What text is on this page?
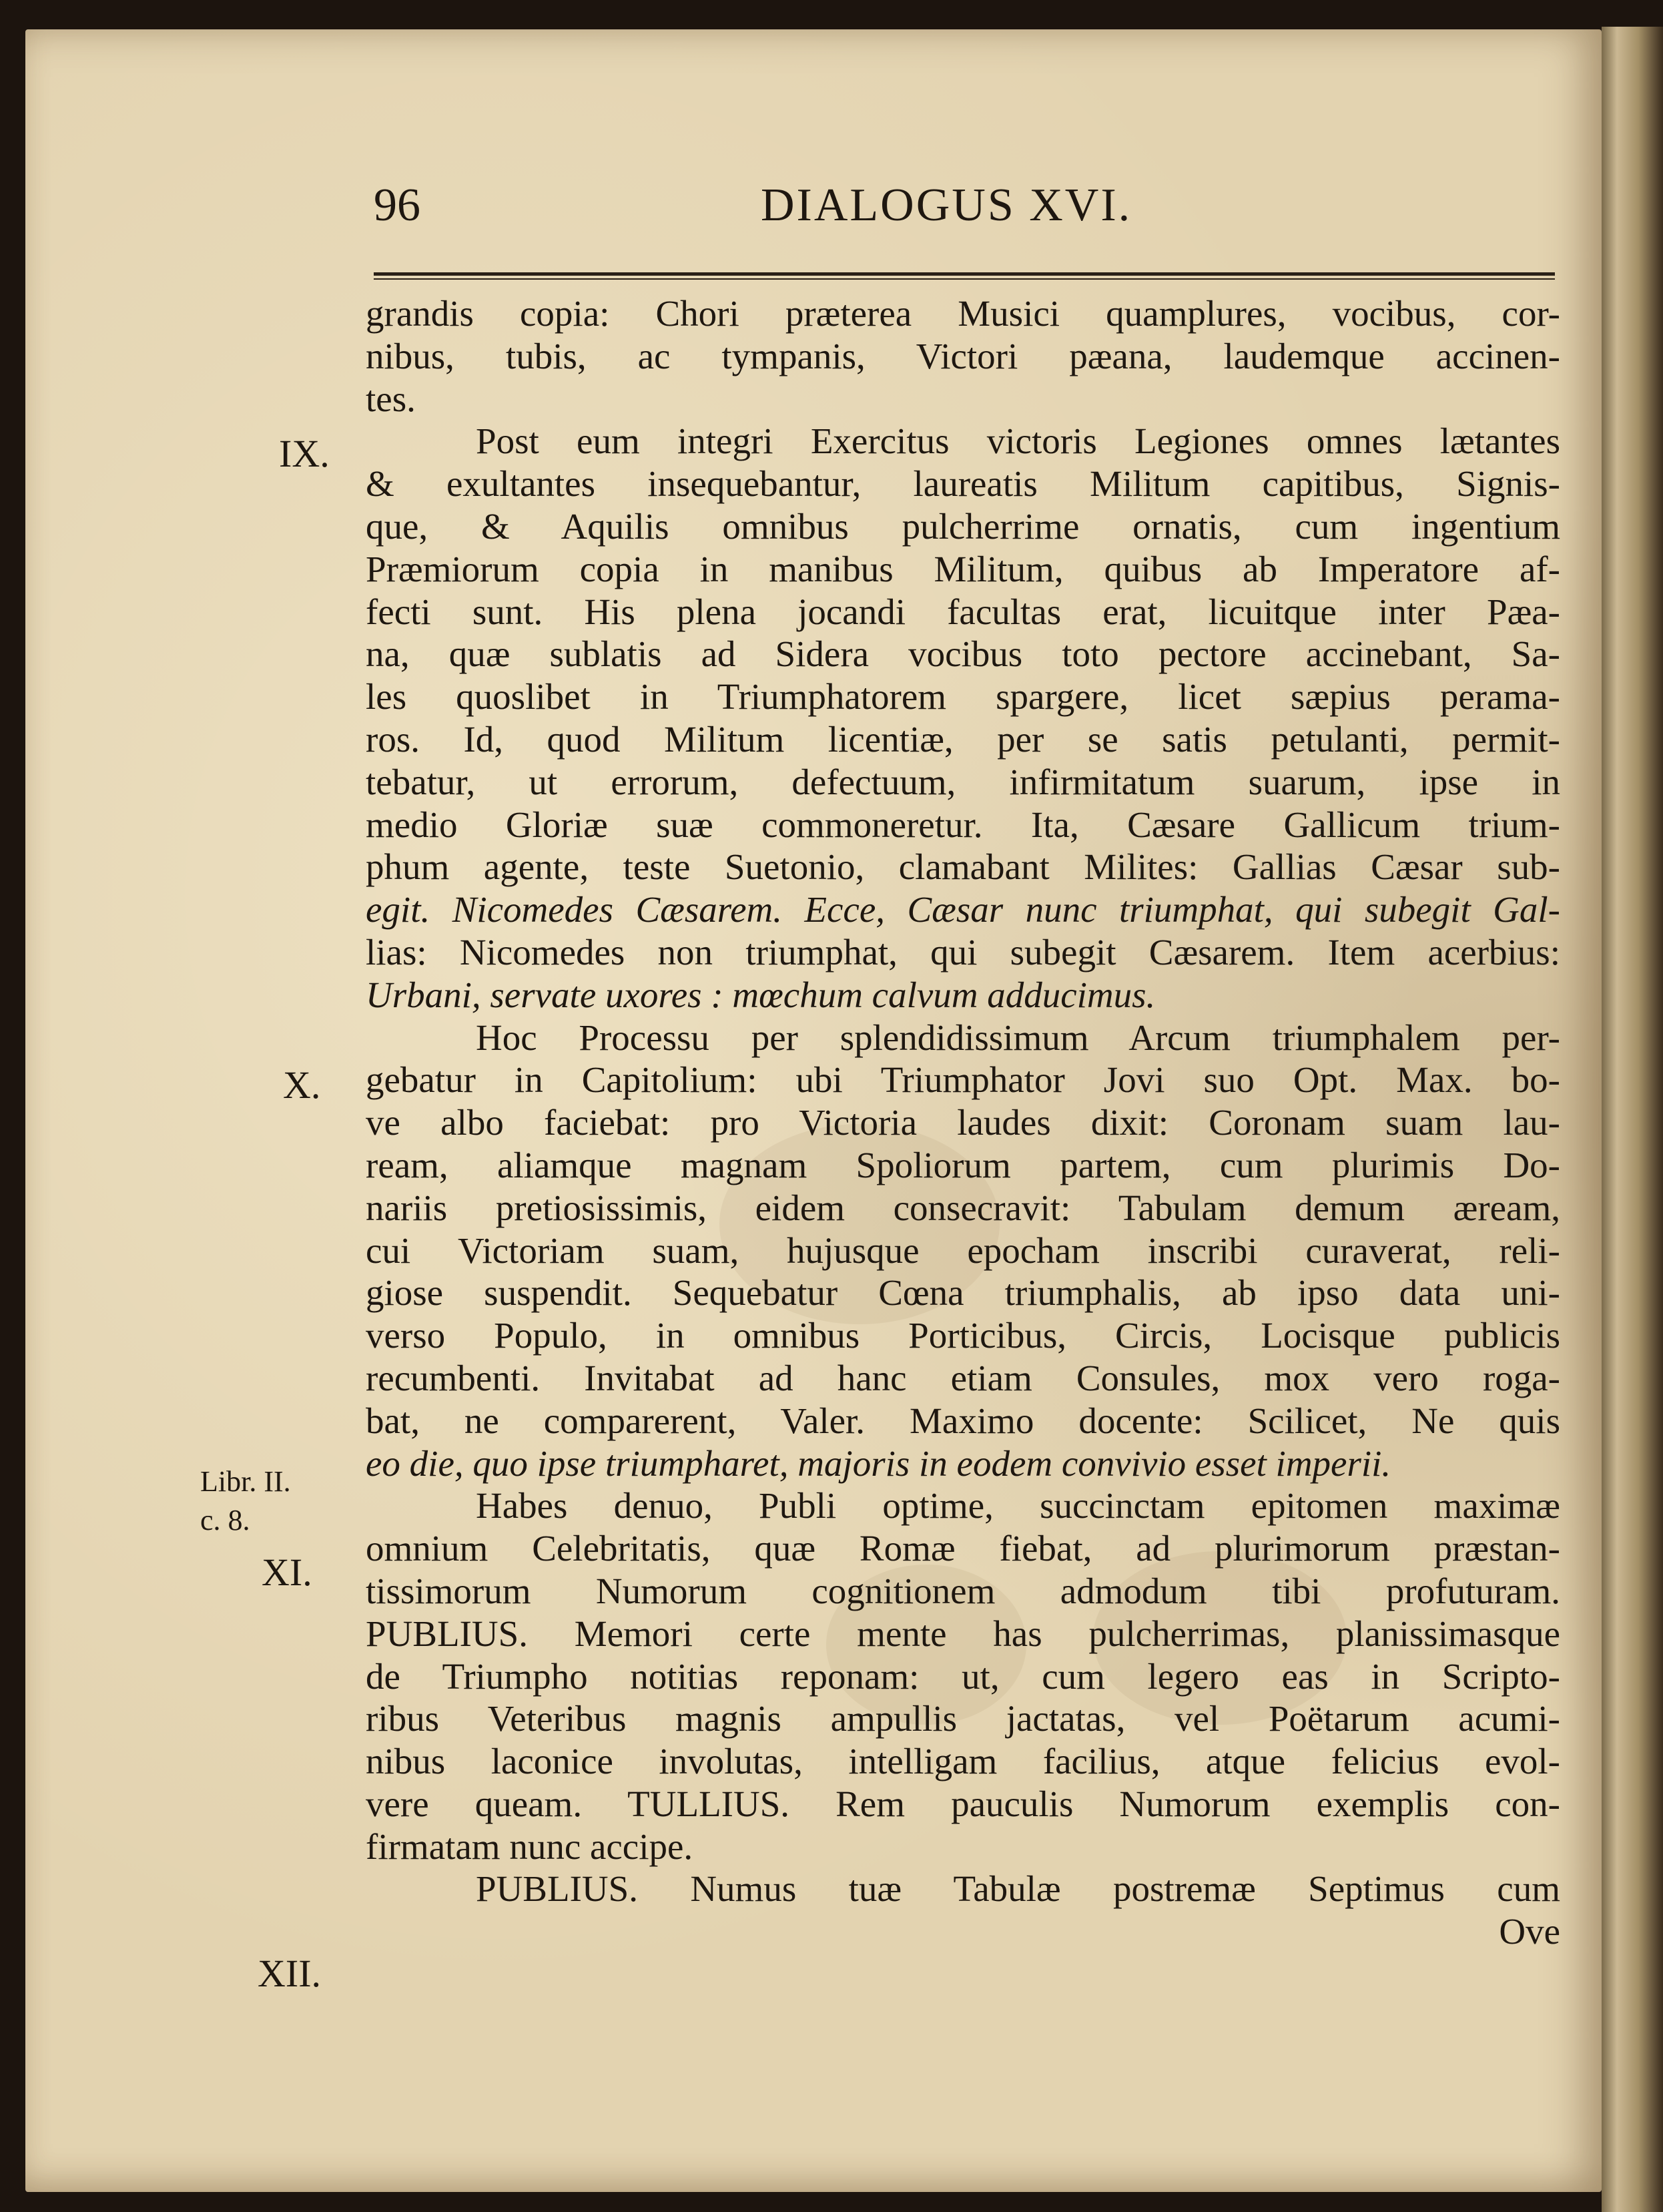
96	DIALOGUS XVI.
IX.
X.
Libr. II.
c. 8.
XI.
XII.
grandis copia: Chori præterea Musici quamplures, vocibus, cor-
nibus, tubis, ac tympanis, Victori pæana, laudemque accinen-
tes.
Post eum integri Exercitus victoris Legiones omnes lætantes
& exultantes insequebantur, laureatis Militum capitibus, Signis-
que, & Aquilis omnibus pulcherrime ornatis, cum ingentium
Præmiorum copia in manibus Militum, quibus ab Imperatore af-
fecti sunt. His plena jocandi facultas erat, licuitque inter Pæa-
na, quæ sublatis ad Sidera vocibus toto pectore accinebant, Sa-
les quoslibet in Triumphatorem spargere, licet sæpius perama-
ros. Id, quod Militum licentiæ, per se satis petulanti, permit-
tebatur, ut errorum, defectuum, infirmitatum suarum, ipse in
medio Gloriæ suæ commoneretur. Ita, Cæsare Gallicum trium-
phum agente, teste Suetonio, clamabant Milites: Gallias Cæsar sub-
egit. Nicomedes Cæsarem. Ecce, Cæsar nunc triumphat, qui subegit Gal-
lias: Nicomedes non triumphat, qui subegit Cæsarem. Item acerbius:
Urbani, servate uxores : mœchum calvum adducimus.
Hoc Processu per splendidissimum Arcum triumphalem per-
gebatur in Capitolium: ubi Triumphator Jovi suo Opt. Max. bo-
ve albo faciebat: pro Victoria laudes dixit: Coronam suam lau-
ream, aliamque magnam Spoliorum partem, cum plurimis Do-
nariis pretiosissimis, eidem consecravit: Tabulam demum æream,
cui Victoriam suam, hujusque epocham inscribi curaverat, reli-
giose suspendit. Sequebatur Cœna triumphalis, ab ipso data uni-
verso Populo, in omnibus Porticibus, Circis, Locisque publicis
recumbenti. Invitabat ad hanc etiam Consules, mox vero roga-
bat, ne comparerent, Valer. Maximo docente: Scilicet, Ne quis
eo die, quo ipse triumpharet, majoris in eodem convivio esset imperii.
Habes denuo, Publi optime, succinctam epitomen maximæ
omnium Celebritatis, quæ Romæ fiebat, ad plurimorum præstan-
tissimorum Numorum cognitionem admodum tibi profuturam.
PUBLIUS. Memori certe mente has pulcherrimas, planissimasque
de Triumpho notitias reponam: ut, cum legero eas in Scripto-
ribus Veteribus magnis ampullis jactatas, vel Poëtarum acumi-
nibus laconice involutas, intelligam facilius, atque felicius evol-
vere queam. TULLIUS. Rem pauculis Numorum exemplis con-
firmatam nunc accipe.
PUBLIUS. Numus tuæ Tabulæ postremæ Septimus cum
Ove
